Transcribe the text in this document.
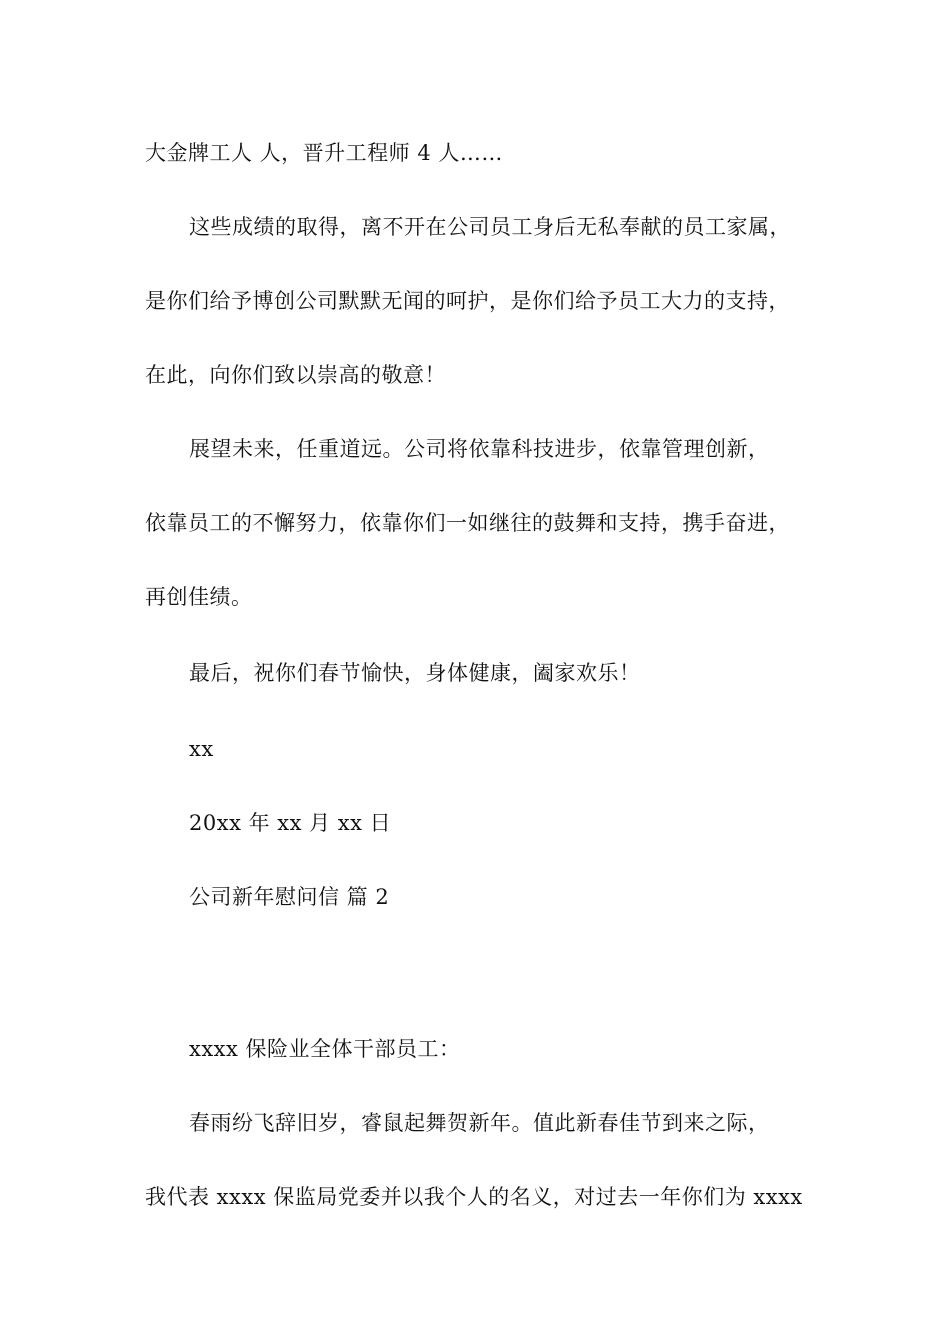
大金牌工人 人，晋升工程师 4 人……
这些成绩的取得，离不开在公司员工身后无私奉献的员工家属，
是你们给予博创公司默默无闻的呵护，是你们给予员工大力的支持，
在此，向你们致以崇高的敬意！
展望未来，任重道远。公司将依靠科技进步，依靠管理创新，
依靠员工的不懈努力，依靠你们一如继往的鼓舞和支持，携手奋进，
再创佳绩。
最后，祝你们春节愉快，身体健康，阖家欢乐！
xx
20xx 年 xx 月 xx 日
公司新年慰问信 篇 2
xxxx 保险业全体干部员工：
春雨纷飞辞旧岁，睿鼠起舞贺新年。值此新春佳节到来之际，
我代表 xxxx 保监局党委并以我个人的名义，对过去一年你们为 xxxx
